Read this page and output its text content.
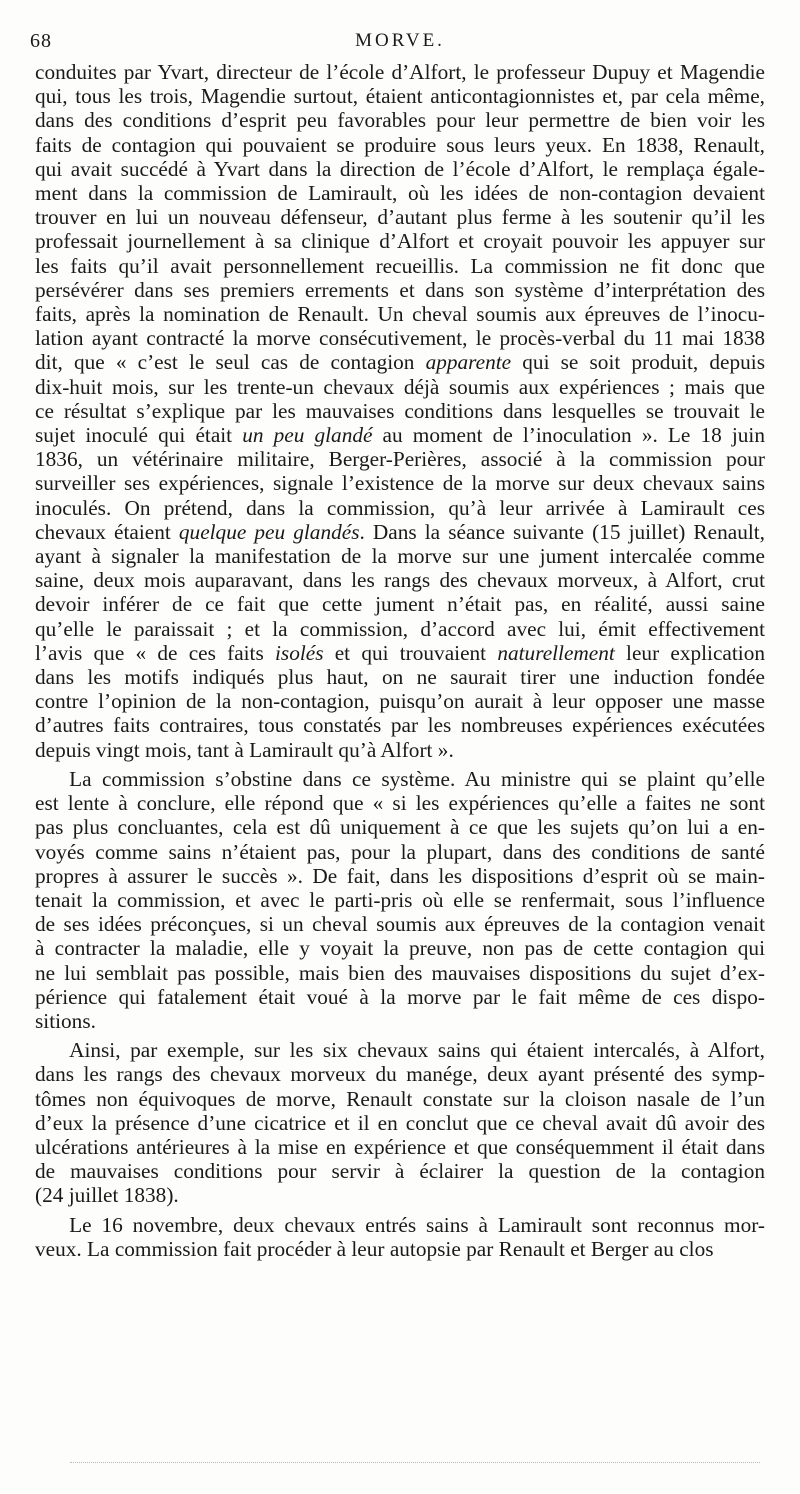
68	MORVE.

conduites par Yvart, directeur de l’école d’Alfort, le professeur Dupuy et Magendie
qui, tous les trois, Magendie surtout, étaient anticontagionnistes et, par cela même,
dans des conditions d’esprit peu favorables pour leur permettre de bien voir les
faits de contagion qui pouvaient se produire sous leurs yeux. En 1838, Renault,
qui avait succédé à Yvart dans la direction de l’école d’Alfort, le remplaça égale-
ment dans la commission de Lamirault, où les idées de non-contagion devaient
trouver en lui un nouveau défenseur, d’autant plus ferme à les soutenir qu’il les
professait journellement à sa clinique d’Alfort et croyait pouvoir les appuyer sur
les faits qu’il avait personnellement recueillis. La commission ne fit donc que
persévérer dans ses premiers errements et dans son système d’interprétation des
faits, après la nomination de Renault. Un cheval soumis aux épreuves de l’inocu-
lation ayant contracté la morve consécutivement, le procès-verbal du 11 mai 1838
dit, que « c’est le seul cas de contagion apparente qui se soit produit, depuis
dix-huit mois, sur les trente-un chevaux déjà soumis aux expériences ; mais que
ce résultat s’explique par les mauvaises conditions dans lesquelles se trouvait le
sujet inoculé qui était un peu glandé au moment de l’inoculation ». Le 18 juin
1836, un vétérinaire militaire, Berger-Perières, associé à la commission pour
surveiller ses expériences, signale l’existence de la morve sur deux chevaux sains
inoculés. On prétend, dans la commission, qu’à leur arrivée à Lamirault ces
chevaux étaient quelque peu glandés. Dans la séance suivante (15 juillet) Renault,
ayant à signaler la manifestation de la morve sur une jument intercalée comme
saine, deux mois auparavant, dans les rangs des chevaux morveux, à Alfort, crut
devoir inférer de ce fait que cette jument n’était pas, en réalité, aussi saine
qu’elle le paraissait ; et la commission, d’accord avec lui, émit effectivement
l’avis que « de ces faits isolés et qui trouvaient naturellement leur explication
dans les motifs indiqués plus haut, on ne saurait tirer une induction fondée
contre l’opinion de la non-contagion, puisqu’on aurait à leur opposer une masse
d’autres faits contraires, tous constatés par les nombreuses expériences exécutées
depuis vingt mois, tant à Lamirault qu’à Alfort ».

La commission s’obstine dans ce système. Au ministre qui se plaint qu’elle
est lente à conclure, elle répond que « si les expériences qu’elle a faites ne sont
pas plus concluantes, cela est dû uniquement à ce que les sujets qu’on lui a en-
voyés comme sains n’étaient pas, pour la plupart, dans des conditions de santé
propres à assurer le succès ». De fait, dans les dispositions d’esprit où se main-
tenait la commission, et avec le parti-pris où elle se renfermait, sous l’influence
de ses idées préconçues, si un cheval soumis aux épreuves de la contagion venait
à contracter la maladie, elle y voyait la preuve, non pas de cette contagion qui
ne lui semblait pas possible, mais bien des mauvaises dispositions du sujet d’ex-
périence qui fatalement était voué à la morve par le fait même de ces dispo-
sitions.

Ainsi, par exemple, sur les six chevaux sains qui étaient intercalés, à Alfort,
dans les rangs des chevaux morveux du manége, deux ayant présenté des symp-
tômes non équivoques de morve, Renault constate sur la cloison nasale de l’un
d’eux la présence d’une cicatrice et il en conclut que ce cheval avait dû avoir des
ulcérations antérieures à la mise en expérience et que conséquemment il était dans
de mauvaises conditions pour servir à éclairer la question de la contagion
(24 juillet 1838).

Le 16 novembre, deux chevaux entrés sains à Lamirault sont reconnus mor-
veux. La commission fait procéder à leur autopsie par Renault et Berger au clos
